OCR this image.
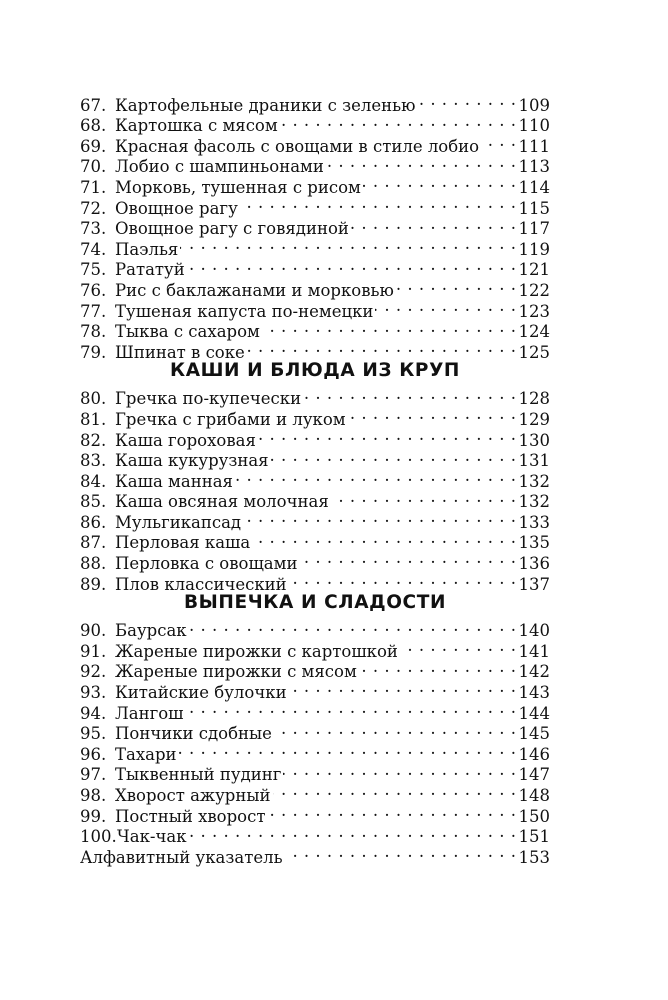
67. Картофельные драники с зеленью . . .	109
68. Картошка с мясом . . .	110
69. Красная фасоль с овощами в стиле лобио . . . 111
70. Лобио с шампиньонами . . .	113
71. Морковь, тушенная с рисом . . .	114
72. Овощное рагу . . .	115
73. Овощное рагу с говядиной . . .	117
74. Паэлья . . .	119
75. Рататуй . . .	121
76. Рис с баклажанами и морковью . . .	122
77. Тушеная капуста по-немецки . . .	123
78. Тыква с сахаром . . .	124
79. Шпинат в соке . . .	125
КАШИ И БЛЮДА ИЗ КРУП
80. Гречка по-купечески . . .	128
81. Гречка с грибами и луком . . .	129
82. Каша гороховая . . .	130
83. Каша кукурузная . . .	131
84. Каша манная . . .	132
85. Каша овсяная молочная . . .	132
86. Мульгикапсад . . .	133
87. Перловая каша . . .	135
88. Перловка с овощами . . .	136
89. Плов классический . . .	137
ВЫПЕЧКА И СЛАДОСТИ
90. Баурсак . . .	140
91. Жареные пирожки с картошкой . . .	141
92. Жареные пирожки с мясом . . .	142
93. Китайские булочки . . .	143
94. Лангош . . .	144
95. Пончики сдобные . . .	145
96. Тахари . . .	146
97. Тыквенный пудинг . . .	147
98. Хворост ажурный . . .	148
99. Постный хворост . . .	150
100. Чак-чак . . .	151
Алфавитный указатель . . .	153
